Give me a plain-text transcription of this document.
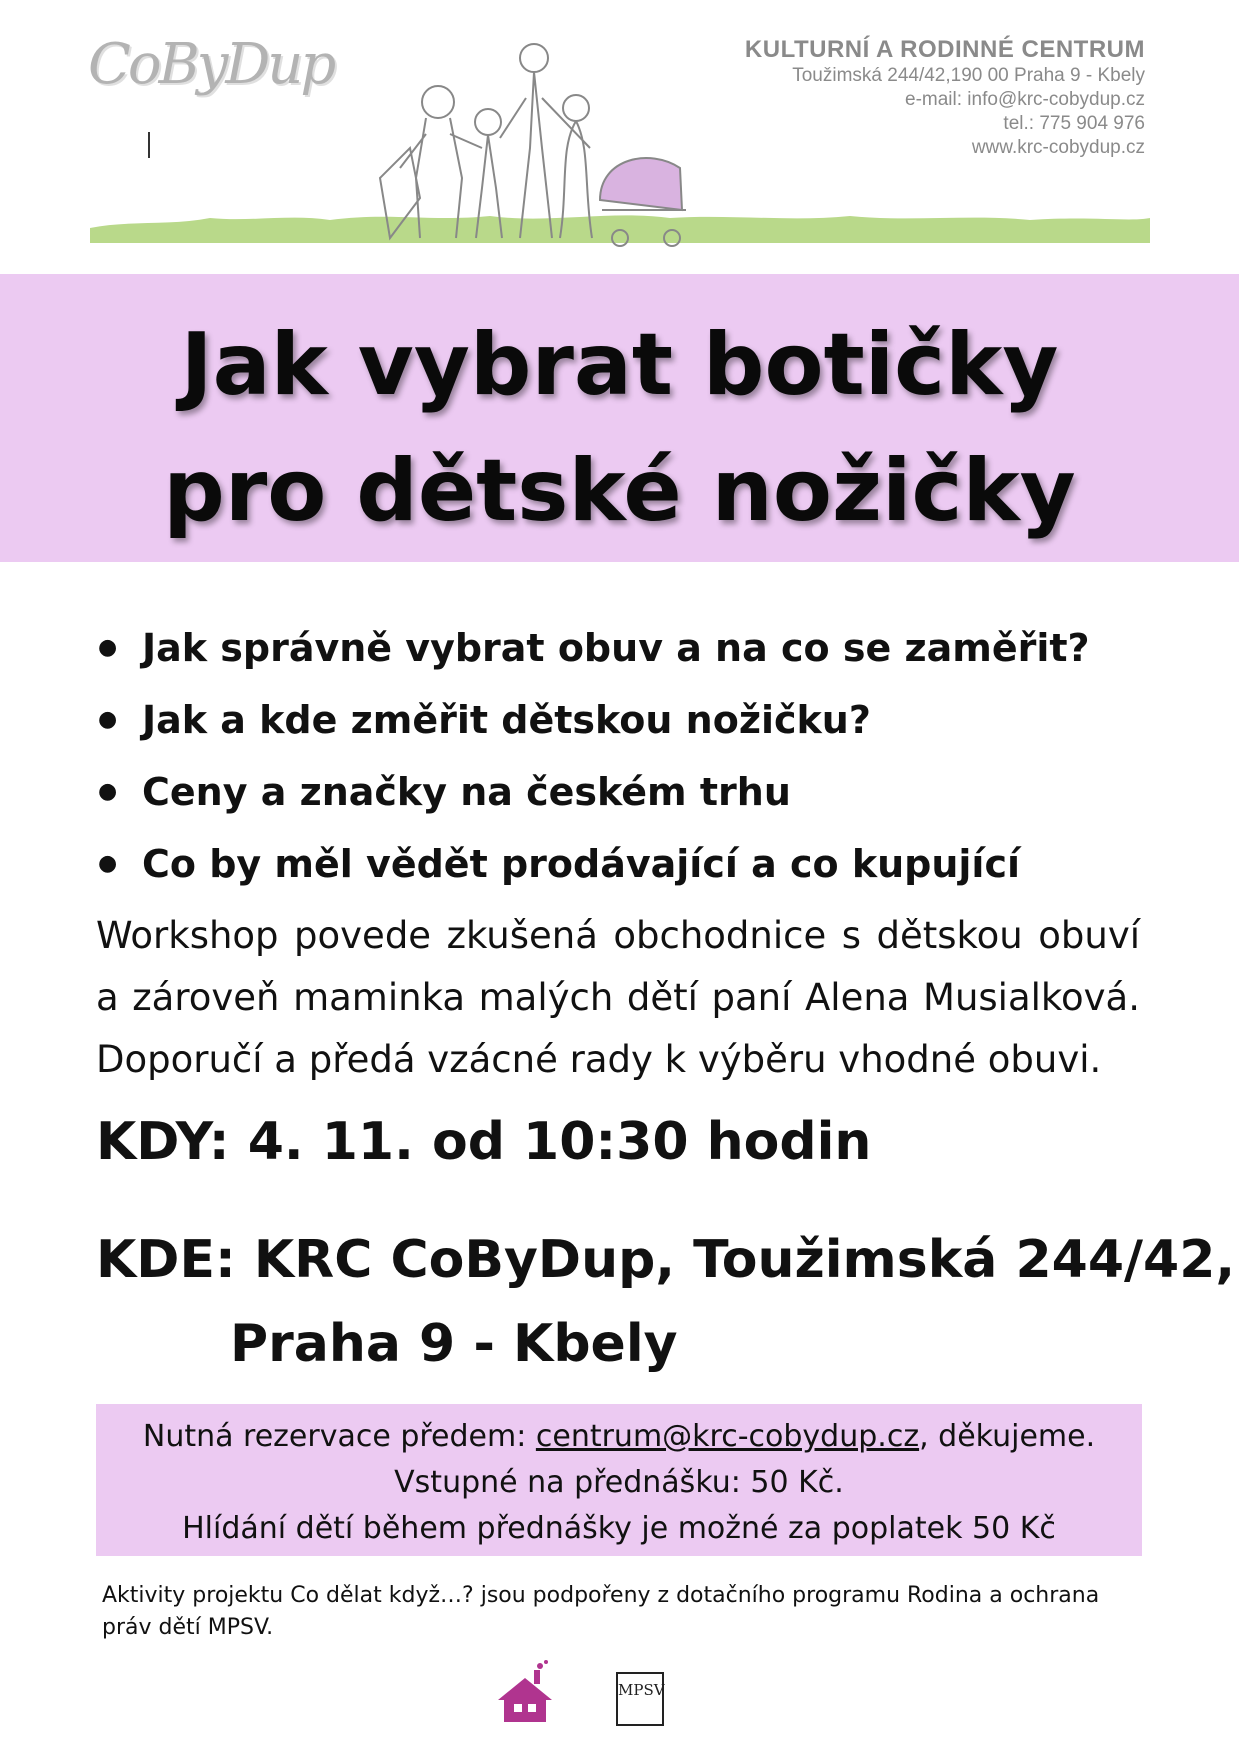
CoByDup	KULTURNÍ A RODINNÉ CENTRUM
Toužimská 244/42,190 00 Praha 9 - Kbely
e-mail: info@krc-cobydup.cz
tel.: 775 904 976
www.krc-cobydup.cz
Jak vybrat botičky
pro dětské nožičky
● Jak správně vybrat obuv a na co se zaměřit?
● Jak a kde změřit dětskou nožičku?
● Ceny a značky na českém trhu
● Co by měl vědět prodávající a co kupující
Workshop povede zkušená obchodnice s dětskou obuví a zároveň maminka malých dětí paní Alena Musialková. Doporučí a předá vzácné rady k výběru vhodné obuvi.
KDY: 4. 11. od 10:30 hodin
KDE: KRC CoByDup, Toužimská 244/42,
Praha 9 - Kbely
Nutná rezervace předem: centrum@krc-cobydup.cz, děkujeme.
Vstupné na přednášku: 50 Kč.
Hlídání dětí během přednášky je možné za poplatek 50 Kč
Aktivity projektu Co dělat když…? jsou podpořeny z dotačního programu Rodina a ochrana práv dětí MPSV.
MPSV
